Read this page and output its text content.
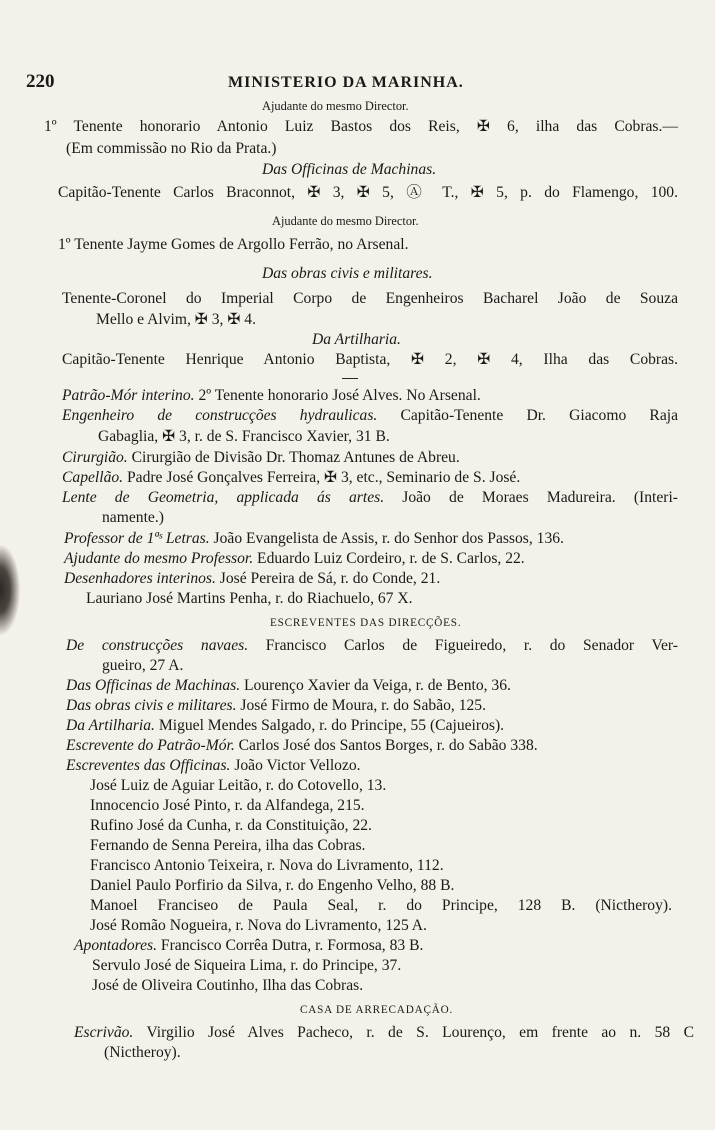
220	MINISTERIO DA MARINHA.
Ajudante do mesmo Director.
1º Tenente honorario Antonio Luiz Bastos dos Reis, ✠ 6, ilha das Cobras.—
(Em commissão no Rio da Prata.)
Das Officinas de Machinas.
Capitão-Tenente Carlos Braconnot, ✠ 3, ✠ 5, Ⓐ T., ✠ 5, p. do Flamengo, 100.
Ajudante do mesmo Director.
1º Tenente Jayme Gomes de Argollo Ferrão, no Arsenal.
Das obras civis e militares.
Tenente-Coronel do Imperial Corpo de Engenheiros Bacharel João de Souza
Mello e Alvim, ✠ 3, ✠ 4.
Da Artilharia.
Capitão-Tenente Henrique Antonio Baptista, ✠ 2, ✠ 4, Ilha das Cobras.
Patrão-Mór interino. 2º Tenente honorario José Alves. No Arsenal.
Engenheiro de construcções hydraulicas. Capitão-Tenente Dr. Giacomo Raja
Gabaglia, ✠ 3, r. de S. Francisco Xavier, 31 B.
Cirurgião. Cirurgião de Divisão Dr. Thomaz Antunes de Abreu.
Capellão. Padre José Gonçalves Ferreira, ✠ 3, etc., Seminario de S. José.
Lente de Geometria, applicada ás artes. João de Moraes Madureira. (Interi-
namente.)
Professor de 1ªˢ Letras. João Evangelista de Assis, r. do Senhor dos Passos, 136.
Ajudante do mesmo Professor. Eduardo Luiz Cordeiro, r. de S. Carlos, 22.
Desenhadores interinos. José Pereira de Sá, r. do Conde, 21.
Lauriano José Martins Penha, r. do Riachuelo, 67 X.
ESCREVENTES DAS DIRECÇÕES.
De construcções navaes. Francisco Carlos de Figueiredo, r. do Senador Ver-
gueiro, 27 A.
Das Officinas de Machinas. Lourenço Xavier da Veiga, r. de Bento, 36.
Das obras civis e militares. José Firmo de Moura, r. do Sabão, 125.
Da Artilharia. Miguel Mendes Salgado, r. do Principe, 55 (Cajueiros).
Escrevente do Patrão-Mór. Carlos José dos Santos Borges, r. do Sabão 338.
Escreventes das Officinas. João Victor Vellozo.
José Luiz de Aguiar Leitão, r. do Cotovello, 13.
Innocencio José Pinto, r. da Alfandega, 215.
Rufino José da Cunha, r. da Constituição, 22.
Fernando de Senna Pereira, ilha das Cobras.
Francisco Antonio Teixeira, r. Nova do Livramento, 112.
Daniel Paulo Porfirio da Silva, r. do Engenho Velho, 88 B.
Manoel Franciseo de Paula Seal, r. do Principe, 128 B. (Nictheroy).
José Romão Nogueira, r. Nova do Livramento, 125 A.
Apontadores. Francisco Corrêa Dutra, r. Formosa, 83 B.
Servulo José de Siqueira Lima, r. do Principe, 37.
José de Oliveira Coutinho, Ilha das Cobras.
CASA DE ARRECADAÇÃO.
Escrivão. Virgilio José Alves Pacheco, r. de S. Lourenço, em frente ao n. 58 C
(Nictheroy).
